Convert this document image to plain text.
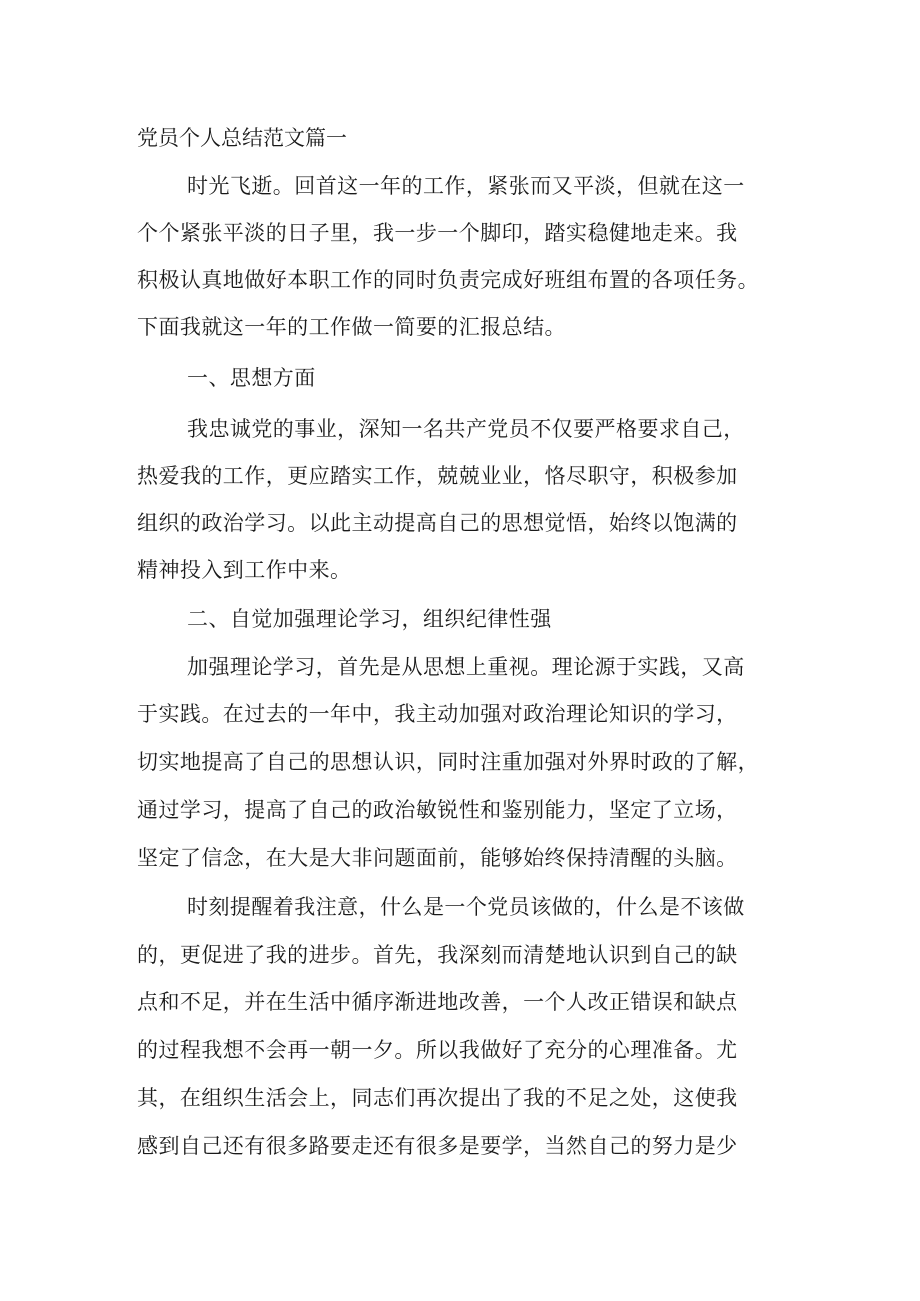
党员个人总结范文篇一
时光飞逝。回首这一年的工作，紧张而又平淡，但就在这一
个个紧张平淡的日子里，我一步一个脚印，踏实稳健地走来。我
积极认真地做好本职工作的同时负责完成好班组布置的各项任务。
下面我就这一年的工作做一简要的汇报总结。
一、思想方面
我忠诚党的事业，深知一名共产党员不仅要严格要求自己，
热爱我的工作，更应踏实工作，兢兢业业，恪尽职守，积极参加
组织的政治学习。以此主动提高自己的思想觉悟，始终以饱满的
精神投入到工作中来。
二、自觉加强理论学习，组织纪律性强
加强理论学习，首先是从思想上重视。理论源于实践，又高
于实践。在过去的一年中，我主动加强对政治理论知识的学习，
切实地提高了自己的思想认识，同时注重加强对外界时政的了解，
通过学习，提高了自己的政治敏锐性和鉴别能力，坚定了立场，
坚定了信念，在大是大非问题面前，能够始终保持清醒的头脑。
时刻提醒着我注意，什么是一个党员该做的，什么是不该做
的，更促进了我的进步。首先，我深刻而清楚地认识到自己的缺
点和不足，并在生活中循序渐进地改善，一个人改正错误和缺点
的过程我想不会再一朝一夕。所以我做好了充分的心理准备。尤
其，在组织生活会上，同志们再次提出了我的不足之处，这使我
感到自己还有很多路要走还有很多是要学，当然自己的努力是少
